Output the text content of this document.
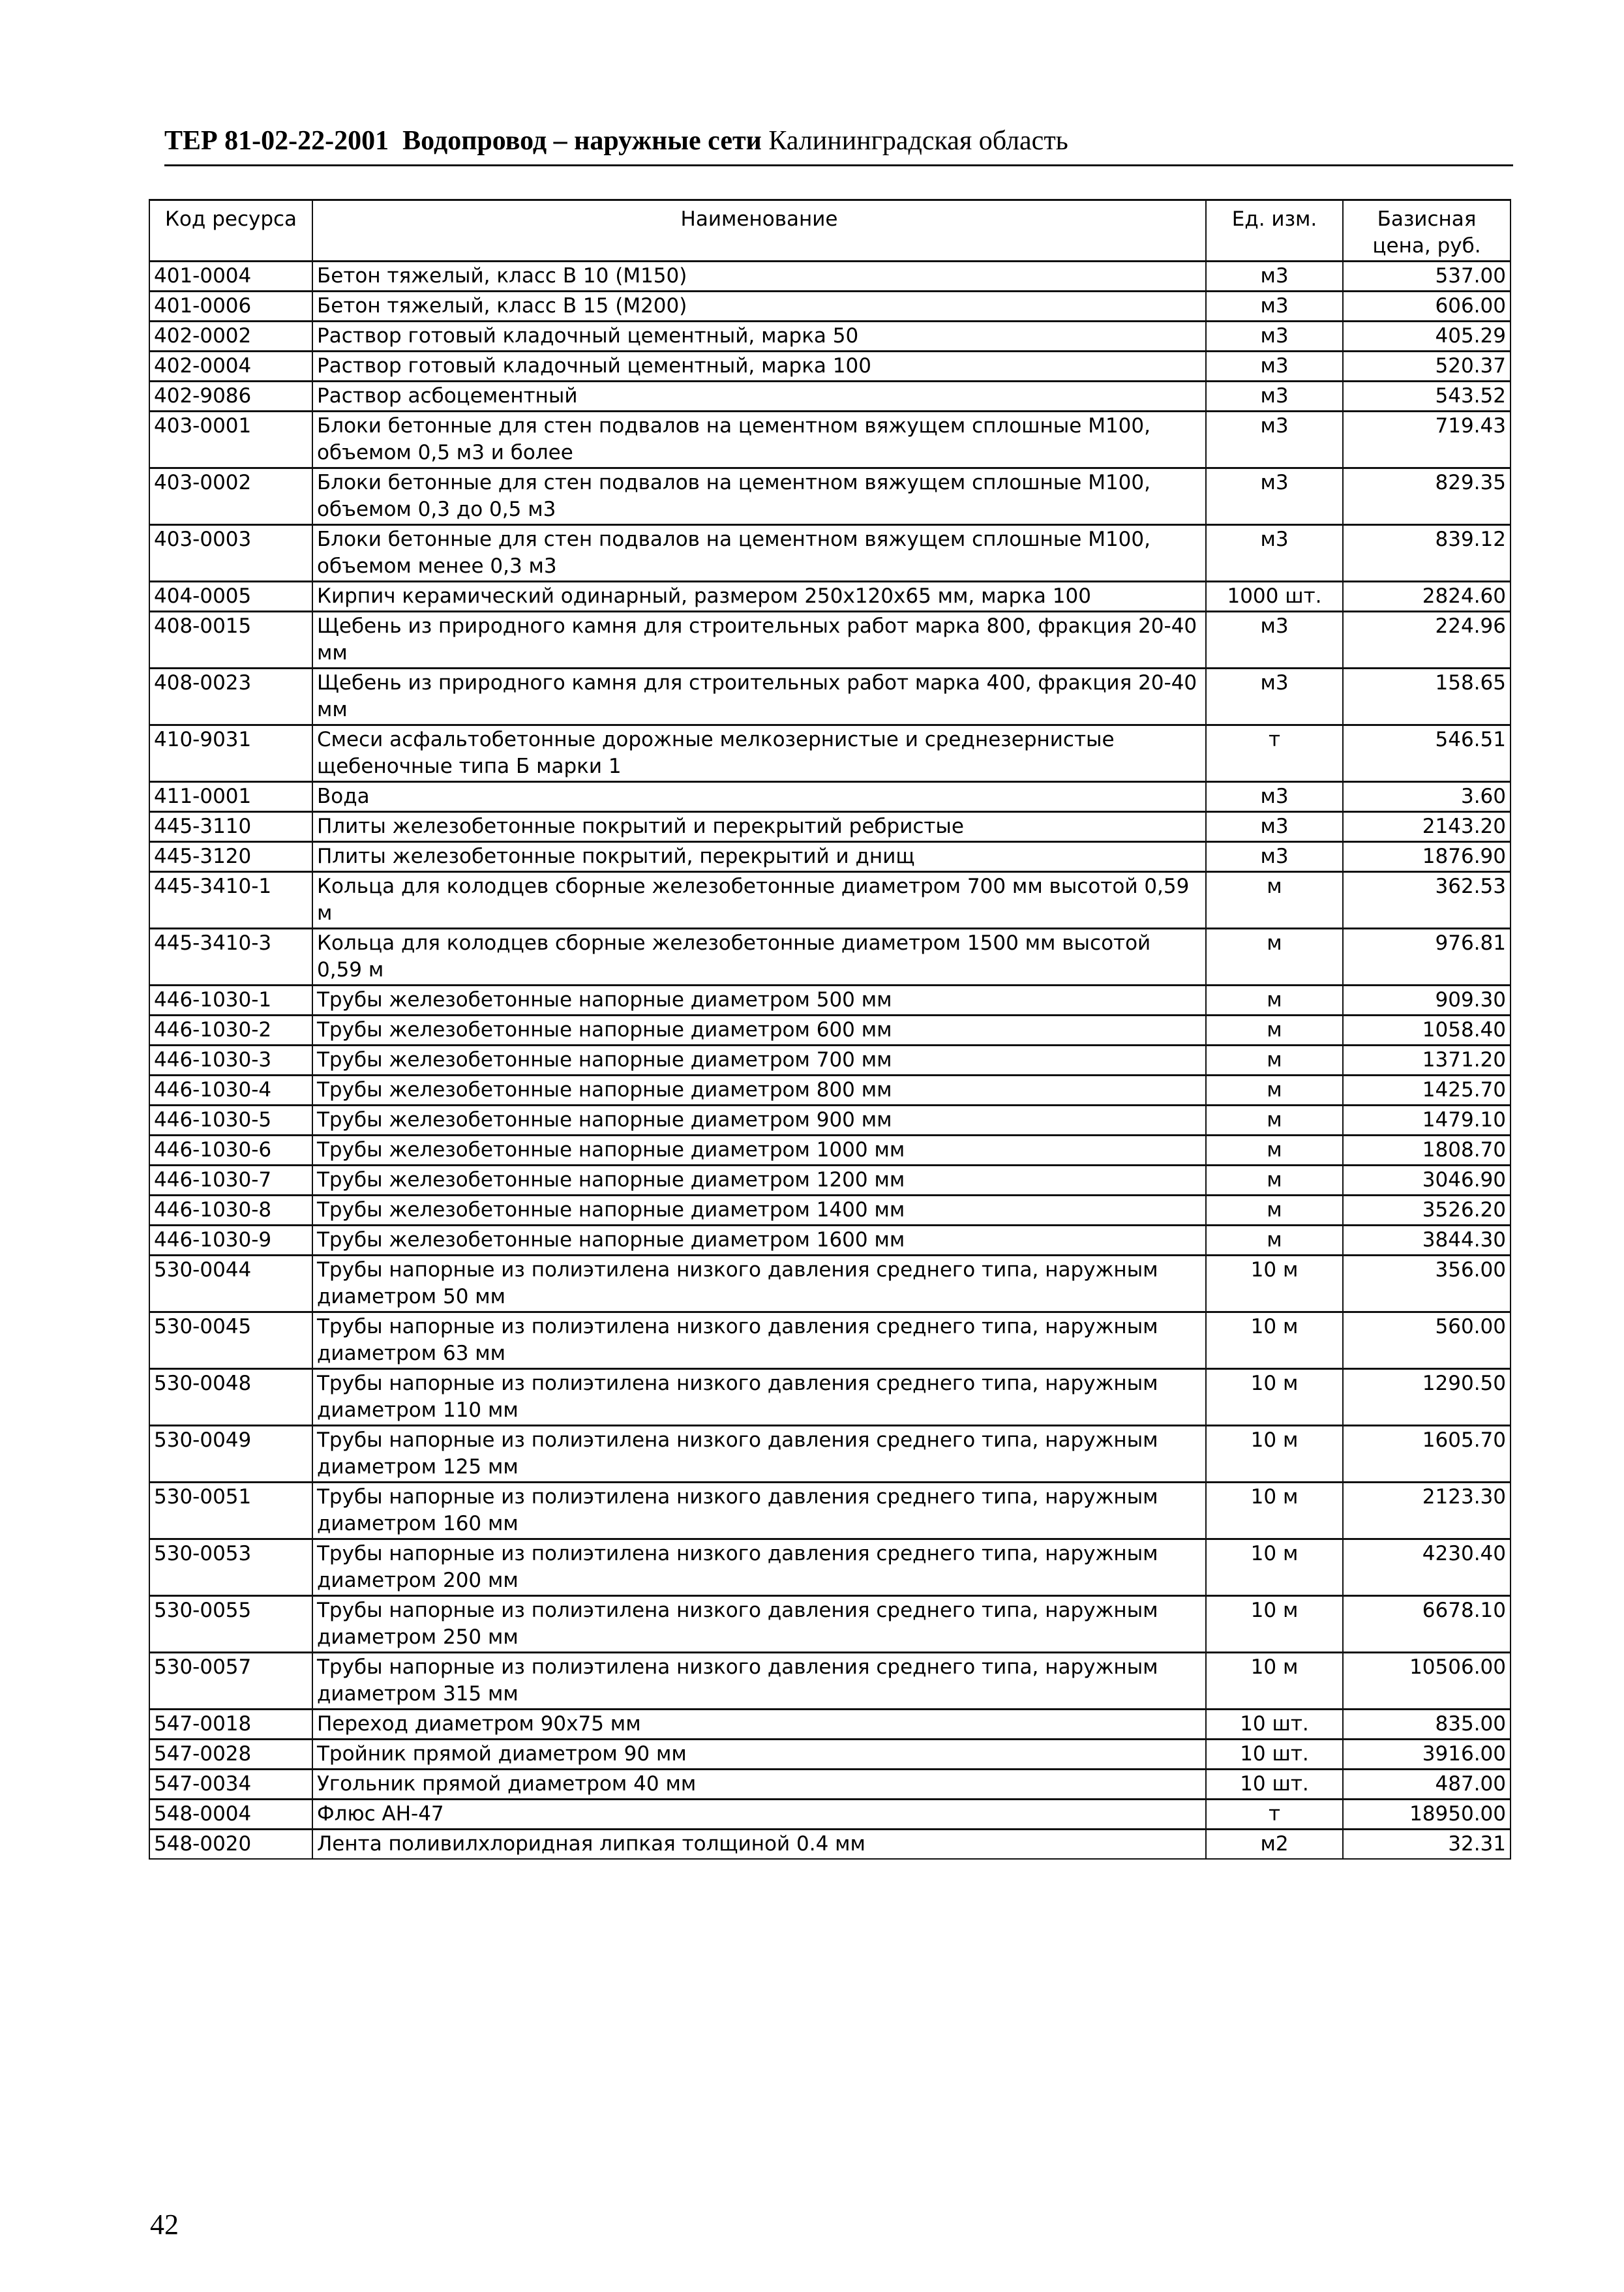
ТЕР 81-02-22-2001 Водопровод – наружные сети Калининградская область
Код ресурса	Наименование	Ед. изм.	Базисная цена, руб.
401-0004	Бетон тяжелый, класс В 10 (М150)	м3	537.00
401-0006	Бетон тяжелый, класс В 15 (М200)	м3	606.00
402-0002	Раствор готовый кладочный цементный, марка 50	м3	405.29
402-0004	Раствор готовый кладочный цементный, марка 100	м3	520.37
402-9086	Раствор асбоцементный	м3	543.52
403-0001	Блоки бетонные для стен подвалов на цементном вяжущем сплошные М100, объемом 0,5 м3 и более	м3	719.43
403-0002	Блоки бетонные для стен подвалов на цементном вяжущем сплошные М100, объемом 0,3 до 0,5 м3	м3	829.35
403-0003	Блоки бетонные для стен подвалов на цементном вяжущем сплошные М100, объемом менее 0,3 м3	м3	839.12
404-0005	Кирпич керамический одинарный, размером 250х120х65 мм, марка 100	1000 шт.	2824.60
408-0015	Щебень из природного камня для строительных работ марка 800, фракция 20-40 мм	м3	224.96
408-0023	Щебень из природного камня для строительных работ марка 400, фракция 20-40 мм	м3	158.65
410-9031	Смеси асфальтобетонные дорожные мелкозернистые и среднезернистые щебеночные типа Б марки 1	т	546.51
411-0001	Вода	м3	3.60
445-3110	Плиты железобетонные покрытий и перекрытий ребристые	м3	2143.20
445-3120	Плиты железобетонные покрытий, перекрытий и днищ	м3	1876.90
445-3410-1	Кольца для колодцев сборные железобетонные диаметром 700 мм высотой 0,59 м	м	362.53
445-3410-3	Кольца для колодцев сборные железобетонные диаметром 1500 мм высотой 0,59 м	м	976.81
446-1030-1	Трубы железобетонные напорные диаметром 500 мм	м	909.30
446-1030-2	Трубы железобетонные напорные диаметром 600 мм	м	1058.40
446-1030-3	Трубы железобетонные напорные диаметром 700 мм	м	1371.20
446-1030-4	Трубы железобетонные напорные диаметром 800 мм	м	1425.70
446-1030-5	Трубы железобетонные напорные диаметром 900 мм	м	1479.10
446-1030-6	Трубы железобетонные напорные диаметром 1000 мм	м	1808.70
446-1030-7	Трубы железобетонные напорные диаметром 1200 мм	м	3046.90
446-1030-8	Трубы железобетонные напорные диаметром 1400 мм	м	3526.20
446-1030-9	Трубы железобетонные напорные диаметром 1600 мм	м	3844.30
530-0044	Трубы напорные из полиэтилена низкого давления среднего типа, наружным диаметром 50 мм	10 м	356.00
530-0045	Трубы напорные из полиэтилена низкого давления среднего типа, наружным диаметром 63 мм	10 м	560.00
530-0048	Трубы напорные из полиэтилена низкого давления среднего типа, наружным диаметром 110 мм	10 м	1290.50
530-0049	Трубы напорные из полиэтилена низкого давления среднего типа, наружным диаметром 125 мм	10 м	1605.70
530-0051	Трубы напорные из полиэтилена низкого давления среднего типа, наружным диаметром 160 мм	10 м	2123.30
530-0053	Трубы напорные из полиэтилена низкого давления среднего типа, наружным диаметром 200 мм	10 м	4230.40
530-0055	Трубы напорные из полиэтилена низкого давления среднего типа, наружным диаметром 250 мм	10 м	6678.10
530-0057	Трубы напорные из полиэтилена низкого давления среднего типа, наружным диаметром 315 мм	10 м	10506.00
547-0018	Переход диаметром 90х75 мм	10 шт.	835.00
547-0028	Тройник прямой диаметром 90 мм	10 шт.	3916.00
547-0034	Угольник прямой диаметром 40 мм	10 шт.	487.00
548-0004	Флюс АН-47	т	18950.00
548-0020	Лента поливилхлоридная липкая толщиной 0.4 мм	м2	32.31
42
